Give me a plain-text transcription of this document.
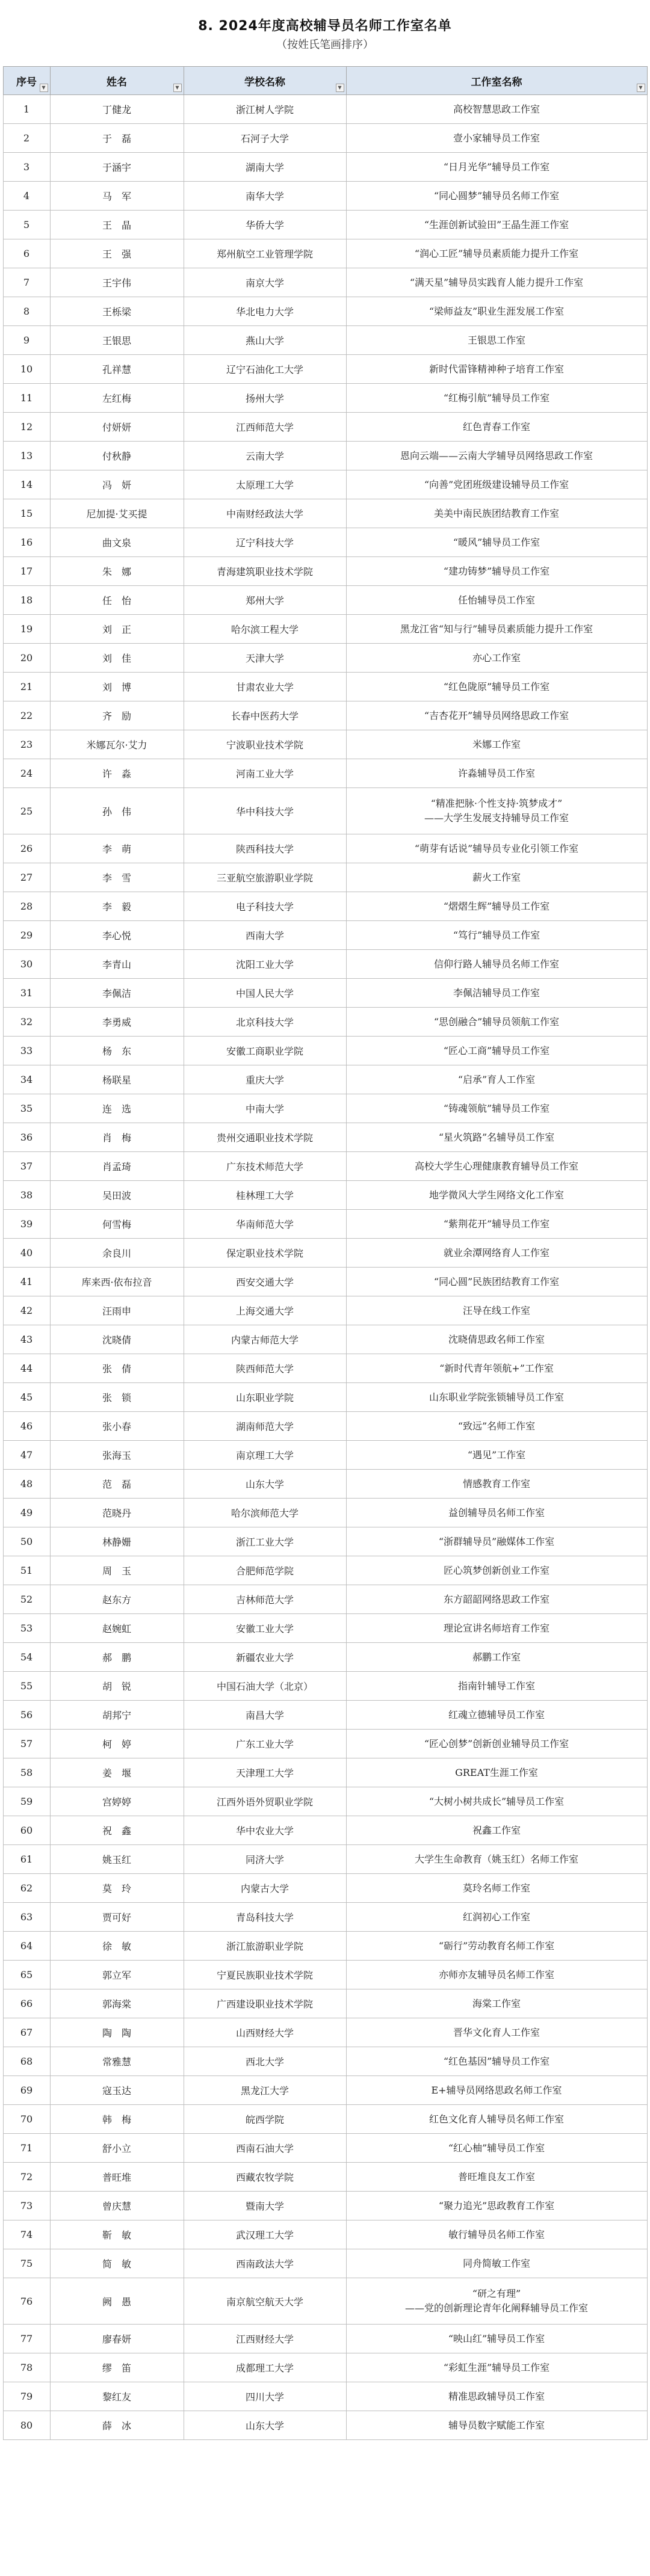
8. 2024年度高校辅导员名师工作室名单
（按姓氏笔画排序）
序号 ▼	姓名 ▼	学校名称 ▼	工作室名称 ▼

1	丁健龙	浙江树人学院	高校智慧思政工作室

2	于　磊	石河子大学	壹小家辅导员工作室

3	于涵宇	湖南大学	“日月光华”辅导员工作室

4	马　军	南华大学	“同心圆梦”辅导员名师工作室

5	王　晶	华侨大学	“生涯创新试验田”王晶生涯工作室

6	王　强	郑州航空工业管理学院	“润心工匠”辅导员素质能力提升工作室

7	王宇伟	南京大学	“满天星”辅导员实践育人能力提升工作室

8	王栎梁	华北电力大学	“梁师益友”职业生涯发展工作室

9	王银思	燕山大学	王银思工作室

10	孔祥慧	辽宁石油化工大学	新时代雷锋精神种子培育工作室

11	左红梅	扬州大学	“红梅引航”辅导员工作室

12	付妍妍	江西师范大学	红色青春工作室

13	付秋静	云南大学	恩向云端——云南大学辅导员网络思政工作室

14	冯　妍	太原理工大学	“向善”党团班级建设辅导员工作室

15	尼加提·艾买提	中南财经政法大学	美美中南民族团结教育工作室

16	曲文泉	辽宁科技大学	“暖风”辅导员工作室

17	朱　娜	青海建筑职业技术学院	“建功铸梦”辅导员工作室

18	任　怡	郑州大学	任怡辅导员工作室

19	刘　正	哈尔滨工程大学	黑龙江省“知与行”辅导员素质能力提升工作室

20	刘　佳	天津大学	亦心工作室

21	刘　博	甘肃农业大学	“红色陇原”辅导员工作室

22	齐　励	长春中医药大学	“吉杏花开”辅导员网络思政工作室

23	米娜瓦尔·艾力	宁波职业技术学院	米娜工作室

24	许　淼	河南工业大学	许淼辅导员工作室

25	孙　伟	华中科技大学	“精准把脉·个性支持·筑梦成才”
——大学生发展支持辅导员工作室

26	李　萌	陕西科技大学	“萌芽有话说”辅导员专业化引领工作室

27	李　雪	三亚航空旅游职业学院	薪火工作室

28	李　毅	电子科技大学	“熠熠生辉”辅导员工作室

29	李心悦	西南大学	“笃行”辅导员工作室

30	李青山	沈阳工业大学	信仰行路人辅导员名师工作室

31	李佩洁	中国人民大学	李佩洁辅导员工作室

32	李勇威	北京科技大学	“思创融合”辅导员领航工作室

33	杨　东	安徽工商职业学院	“匠心工商”辅导员工作室

34	杨联星	重庆大学	“启承”育人工作室

35	连　选	中南大学	“铸魂领航”辅导员工作室

36	肖　梅	贵州交通职业技术学院	“星火筑路”名辅导员工作室

37	肖孟琦	广东技术师范大学	高校大学生心理健康教育辅导员工作室

38	吴田波	桂林理工大学	地学微风大学生网络文化工作室

39	何雪梅	华南师范大学	“紫荆花开”辅导员工作室

40	余良川	保定职业技术学院	就业余潭网络育人工作室

41	库来西·依布拉音	西安交通大学	“同心圆”民族团结教育工作室

42	汪雨申	上海交通大学	汪导在线工作室

43	沈晓倩	内蒙古师范大学	沈晓倩思政名师工作室

44	张　倩	陕西师范大学	“新时代青年领航+”工作室

45	张　锁	山东职业学院	山东职业学院张锁辅导员工作室

46	张小春	湖南师范大学	“致远”名师工作室

47	张海玉	南京理工大学	“遇见”工作室

48	范　磊	山东大学	情感教育工作室

49	范晓丹	哈尔滨师范大学	益创辅导员名师工作室

50	林静姗	浙江工业大学	“浙群辅导员”融媒体工作室

51	周　玉	合肥师范学院	匠心筑梦创新创业工作室

52	赵东方	吉林师范大学	东方韶韶网络思政工作室

53	赵婉虹	安徽工业大学	理论宣讲名师培育工作室

54	郝　鹏	新疆农业大学	郝鹏工作室

55	胡　锐	中国石油大学（北京）	指南针辅导工作室

56	胡邦宁	南昌大学	红魂立德辅导员工作室

57	柯　婷	广东工业大学	“匠心创梦”创新创业辅导员工作室

58	姜　堰	天津理工大学	GREAT生涯工作室

59	宫婷婷	江西外语外贸职业学院	“大树小树共成长”辅导员工作室

60	祝　鑫	华中农业大学	祝鑫工作室

61	姚玉红	同济大学	大学生生命教育（姚玉红）名师工作室

62	莫　玲	内蒙古大学	莫玲名师工作室

63	贾可好	青岛科技大学	红润初心工作室

64	徐　敏	浙江旅游职业学院	“砺行”劳动教育名师工作室

65	郭立军	宁夏民族职业技术学院	亦师亦友辅导员名师工作室

66	郭海棠	广西建设职业技术学院	海棠工作室

67	陶　陶	山西财经大学	晋华文化育人工作室

68	常雅慧	西北大学	“红色基因”辅导员工作室

69	寇玉达	黑龙江大学	E+辅导员网络思政名师工作室

70	韩　梅	皖西学院	红色文化育人辅导员名师工作室

71	舒小立	西南石油大学	“红心柚”辅导员工作室

72	普旺堆	西藏农牧学院	普旺堆良友工作室

73	曾庆慧	暨南大学	“聚力追光”思政教育工作室

74	靳　敏	武汉理工大学	敏行辅导员名师工作室

75	简　敏	西南政法大学	同舟简敏工作室

76	阙　愚	南京航空航天大学	“研之有理”
——党的创新理论青年化阐释辅导员工作室

77	廖春妍	江西财经大学	“映山红”辅导员工作室

78	缪　笛	成都理工大学	“彩虹生涯”辅导员工作室

79	黎红友	四川大学	精准思政辅导员工作室

80	薛　冰	山东大学	辅导员数字赋能工作室
